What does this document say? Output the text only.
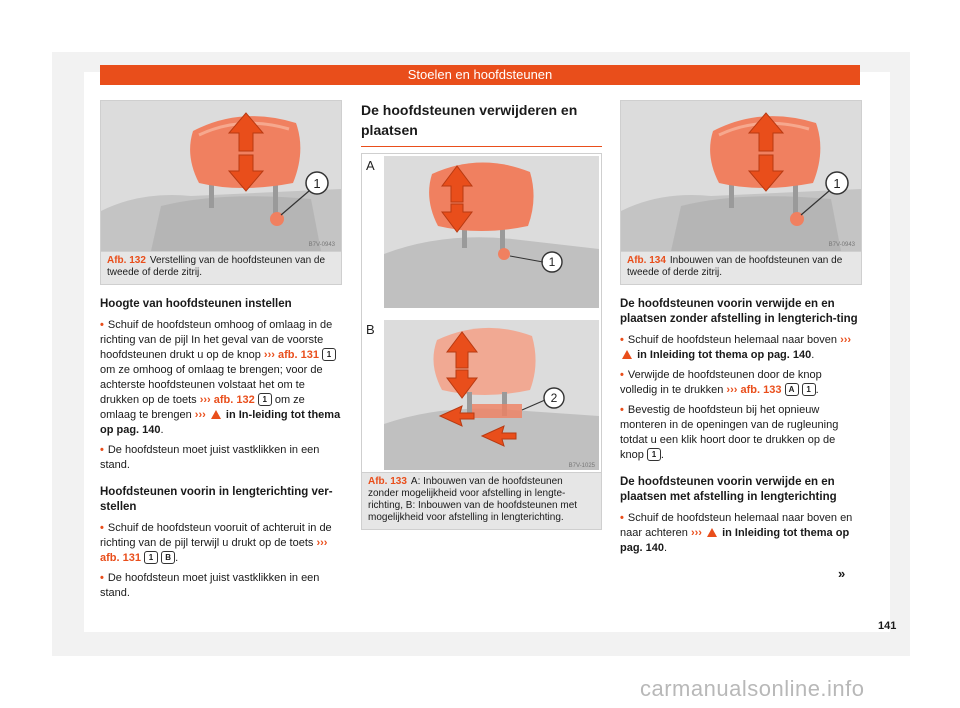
Stoelen en hoofdsteunen
1
B7V-0943
Afb. 132 Verstelling van de hoofdsteunen van de tweede of derde zitrij.
Hoogte van hoofdsteunen instellen

• Schuif de hoofdsteun omhoog of omlaag in de richting van de pijl In het geval van de voorste hoofdsteunen drukt u op de knop ››› afb. 131 1 om ze omhoog of omlaag te brengen; voor de achterste hoofdsteunen volstaat het om te drukken op de toets ››› afb. 132 1 om ze omlaag te brengen ››› in In-leiding tot thema op pag. 140.

• De hoofdsteun moet juist vastklikken in een stand.

Hoofdsteunen voorin in lengterichting ver-stellen

• Schuif de hoofdsteun vooruit of achteruit in de richting van de pijl terwijl u drukt op de toets ››› afb. 131 1 B .

• De hoofdsteun moet juist vastklikken in een stand.

De hoofdsteunen verwijderen en plaatsen
1
2
A
B
B7V-1025
Afb. 133 A: Inbouwen van de hoofdsteunen zonder mogelijkheid voor afstelling in lengte-richting, B: Inbouwen van de hoofdsteunen met mogelijkheid voor afstelling in lengterichting.
1
B7V-0943
Afb. 134 Inbouwen van de hoofdsteunen van de tweede of derde zitrij.
De hoofdsteunen voorin verwijde en en plaatsen zonder afstelling in lengterich-ting

• Schuif de hoofdsteun helemaal naar boven ›››  in Inleiding tot thema op pag. 140.

• Verwijde de hoofdsteunen door de knop volledig in te drukken ››› afb. 133 A 1 .

• Bevestig de hoofdsteun bij het opnieuw monteren in de openingen van de rugleuning totdat u een klik hoort door te drukken op de knop 1 .

De hoofdsteunen voorin verwijde en en plaatsen met afstelling in lengterichting

• Schuif de hoofdsteun helemaal naar boven en naar achteren ››› in Inleiding tot thema op pag. 140.

»
141
carmanualsonline.info
